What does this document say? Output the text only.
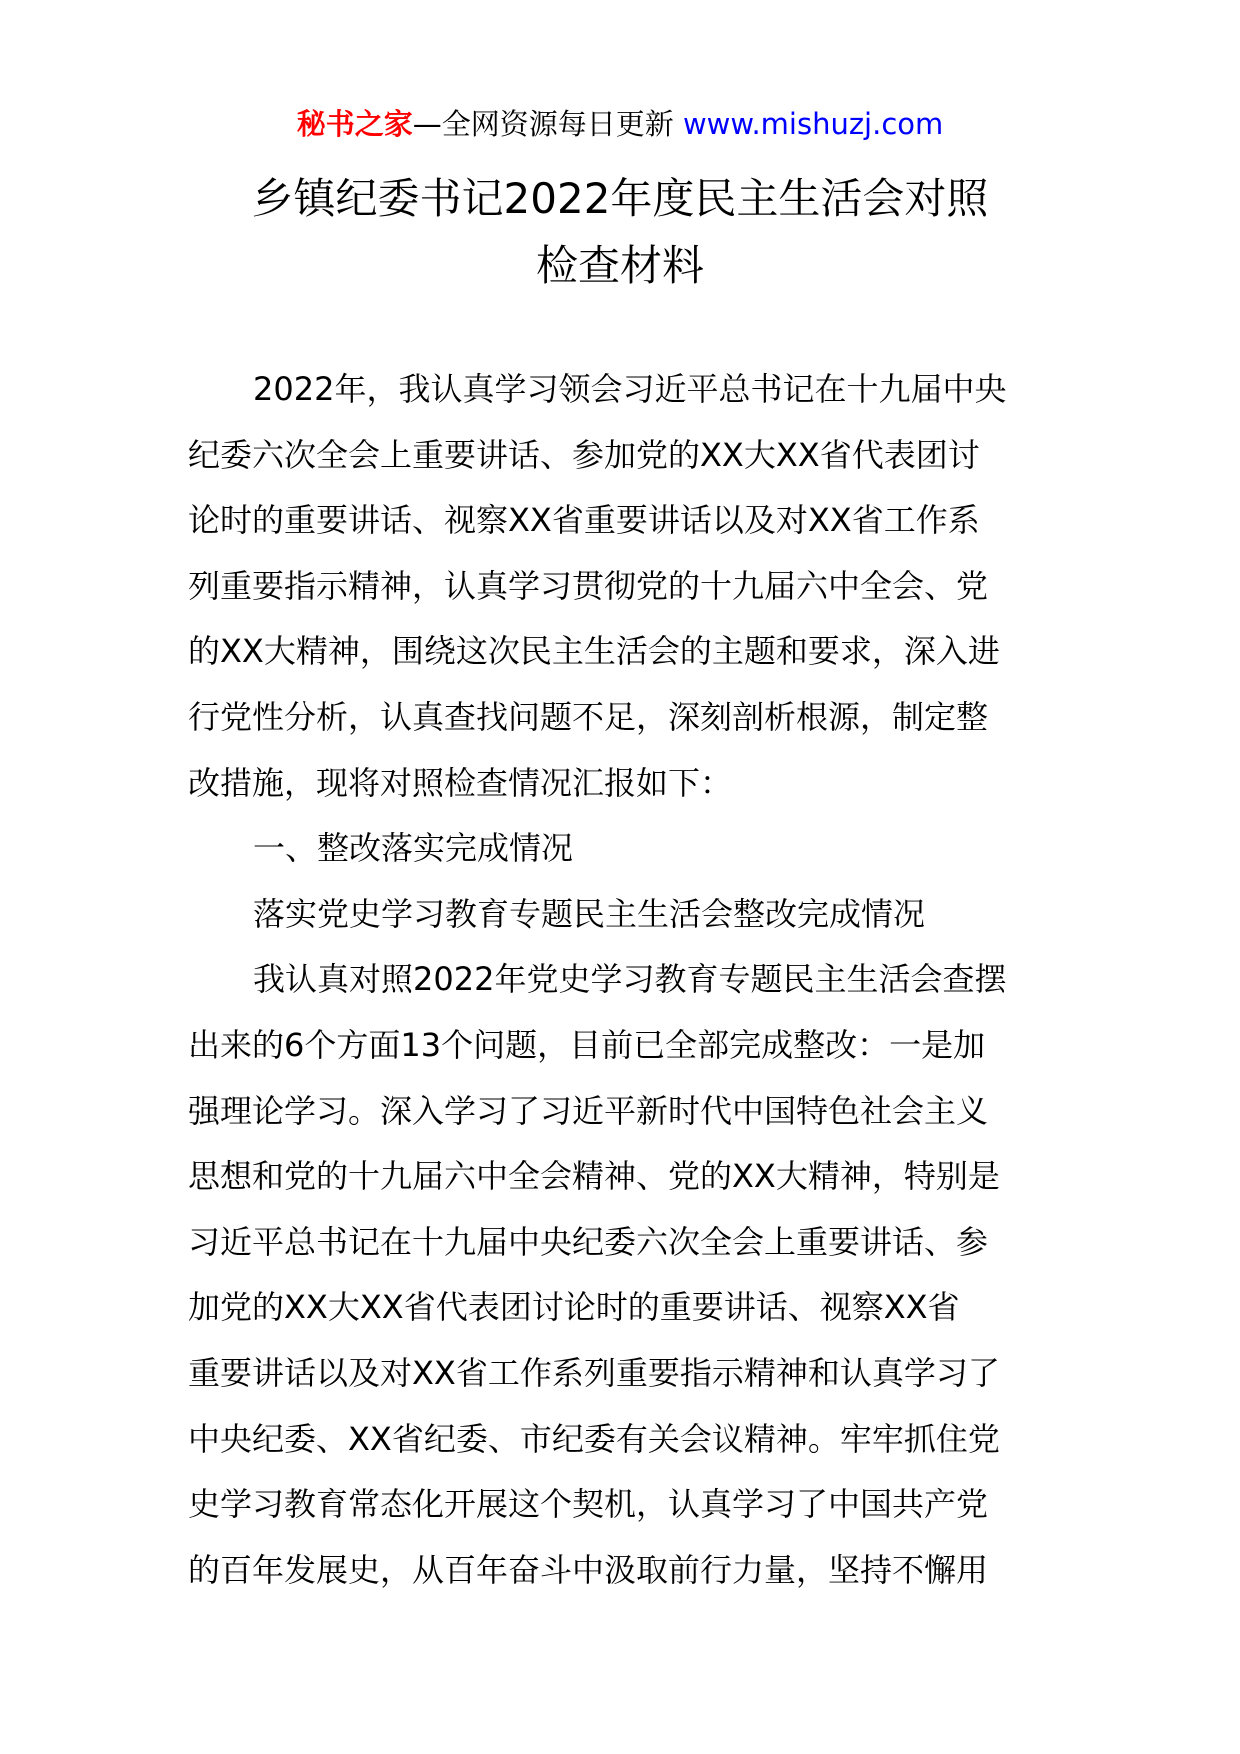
秘书之家—全网资源每日更新 www.mishuzj.com
乡镇纪委书记2022年度民主生活会对照
检查材料
2022年，我认真学习领会习近平总书记在十九届中央
纪委六次全会上重要讲话、参加党的XX大XX省代表团讨
论时的重要讲话、视察XX省重要讲话以及对XX省工作系
列重要指示精神，认真学习贯彻党的十九届六中全会、党
的XX大精神，围绕这次民主生活会的主题和要求，深入进
行党性分析，认真查找问题不足，深刻剖析根源，制定整
改措施，现将对照检查情况汇报如下：
一、整改落实完成情况
落实党史学习教育专题民主生活会整改完成情况
我认真对照2022年党史学习教育专题民主生活会查摆
出来的6个方面13个问题，目前已全部完成整改：一是加
强理论学习。深入学习了习近平新时代中国特色社会主义
思想和党的十九届六中全会精神、党的XX大精神，特别是
习近平总书记在十九届中央纪委六次全会上重要讲话、参
加党的XX大XX省代表团讨论时的重要讲话、视察XX省
重要讲话以及对XX省工作系列重要指示精神和认真学习了
中央纪委、XX省纪委、市纪委有关会议精神。牢牢抓住党
史学习教育常态化开展这个契机，认真学习了中国共产党
的百年发展史，从百年奋斗中汲取前行力量，坚持不懈用
